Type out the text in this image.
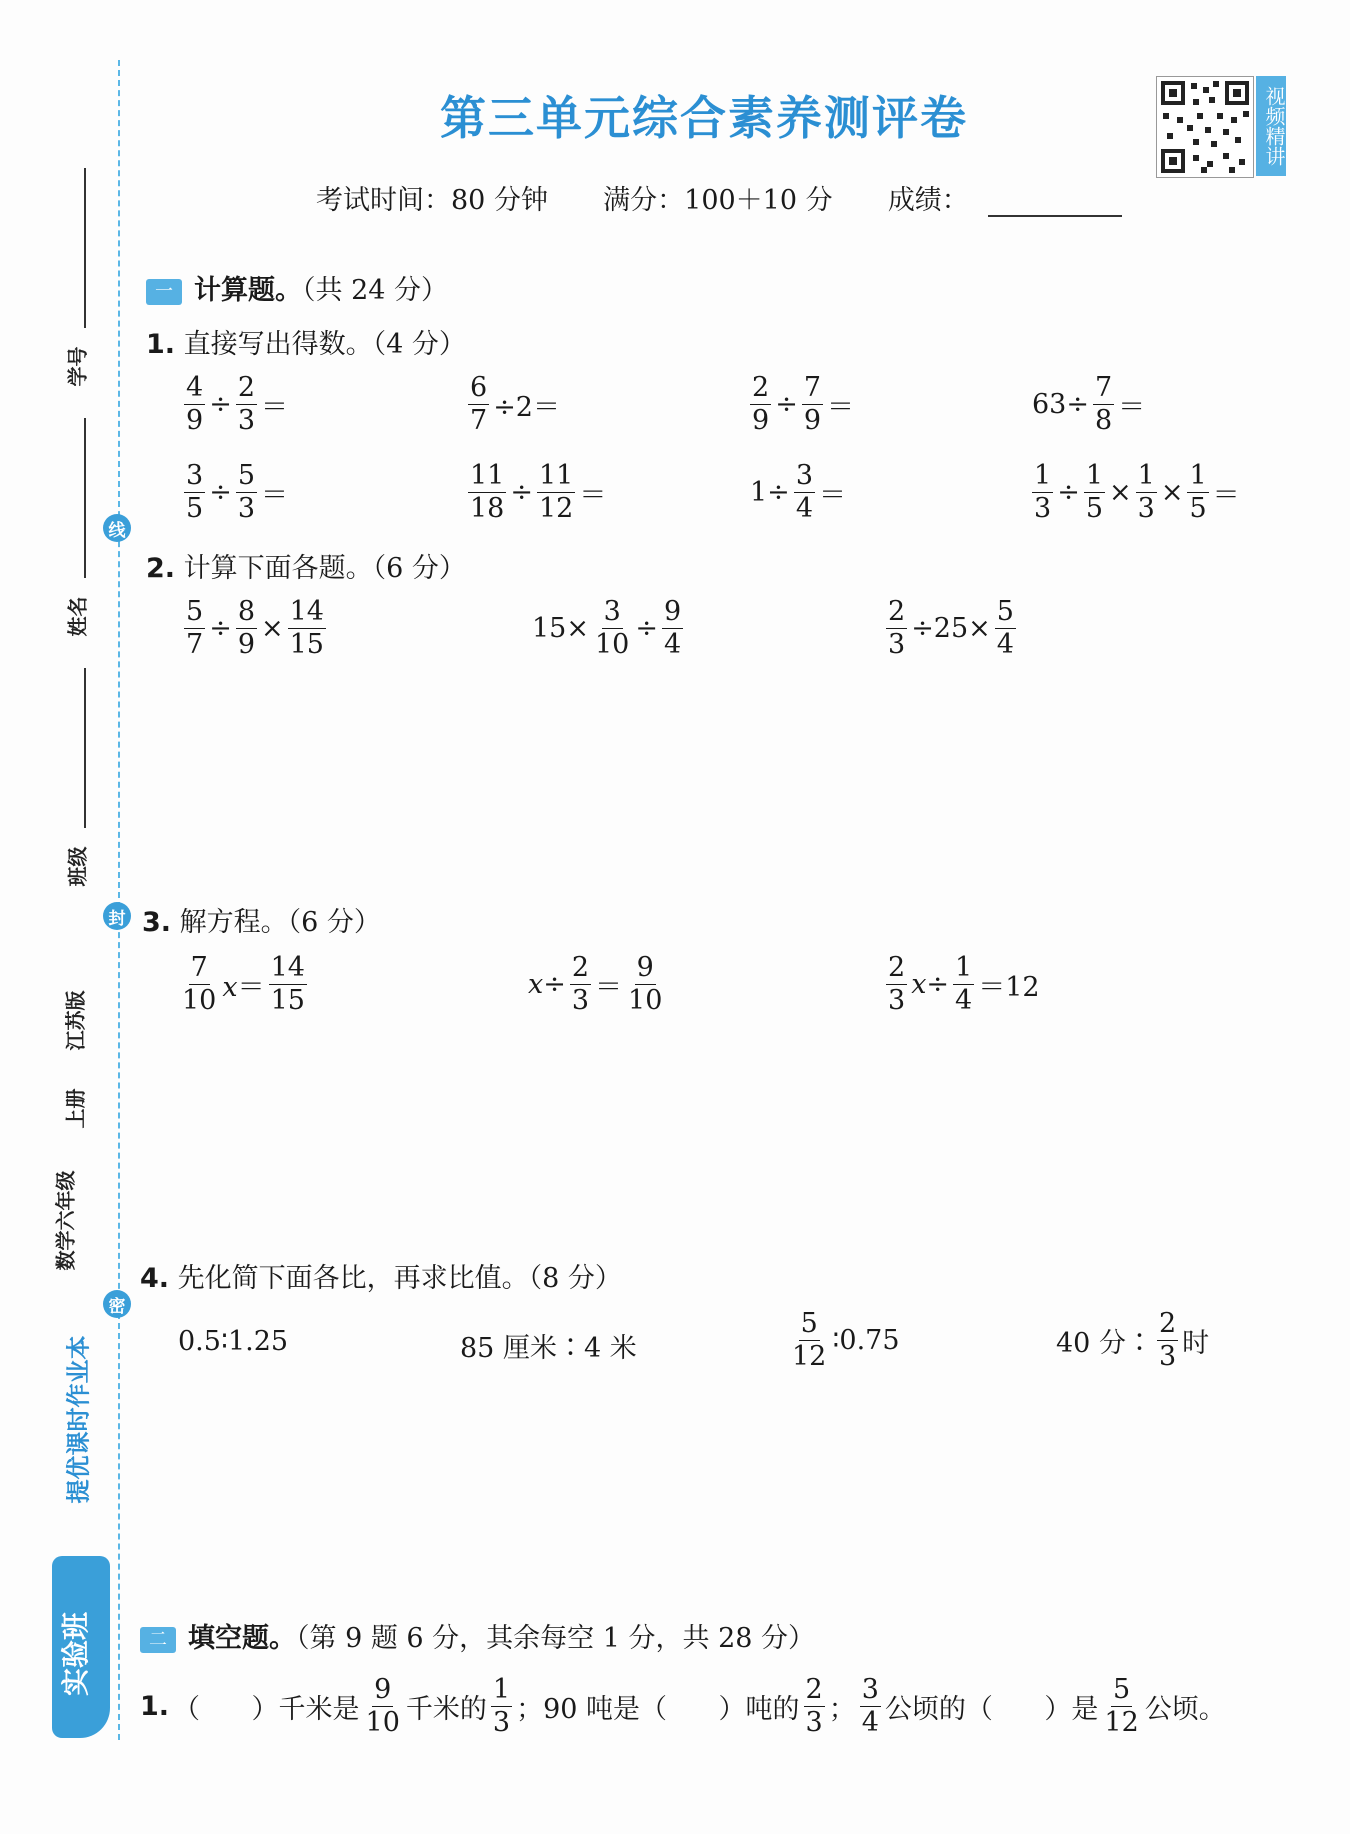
第三单元综合素养测评卷	视频精讲
考试时间：80 分钟 满分：100＋10 分 成绩：
线
封
密
学号
姓名
班级
江苏版
上册
数学六年级
提优课时作业本
实验班
一 计算题。（共 24 分）
1. 直接写出得数。（4 分）
$\frac{4}{9} \div \frac{2}{3}$ ＝	$\frac{6}{7} \div 2=$	$\frac{2}{9} \div \frac{7}{9}$ ＝	$63\div \frac{7}{8}$ ＝
$\frac{3}{5} \div \frac{5}{3}$ ＝	$\frac{11}{18} \div \frac{11}{12}$ ＝	$1\div \frac{3}{4}$ ＝	$\frac{1}{3} \div \frac{1}{5} \times \frac{1}{3} \times \frac{1}{5}$ ＝
2. 计算下面各题。（6 分）
$\frac{5}{7} \div \frac{8}{9} \times \frac{14}{15}$	$15\times \frac{3}{10} \div \frac{9}{4}$	$\frac{2}{3} \div 25\times \frac{5}{4}$
3. 解方程。（6 分）
$\frac{7}{10} x= \frac{14}{15}$	$x\div \frac{2}{3} = \frac{9}{10}$	$\frac{2}{3} x\div \frac{1}{4} =12$
4. 先化简下面各比，再求比值。（8 分）
0.5∶1.25	85 厘米∶4 米	$\frac{5}{12}$ ∶0.75	40 分∶ $\frac{2}{3}$ 时
二 填空题。（第 9 题 6 分，其余每空 1 分，共 28 分）
1. （      ）千米是 $\frac{9}{10}$ 千米的 $\frac{1}{3}$ ；90 吨是（      ）吨的 $\frac{2}{3}$ ； $\frac{3}{4}$ 公顷的（      ）是 $\frac{5}{12}$ 公顷。
